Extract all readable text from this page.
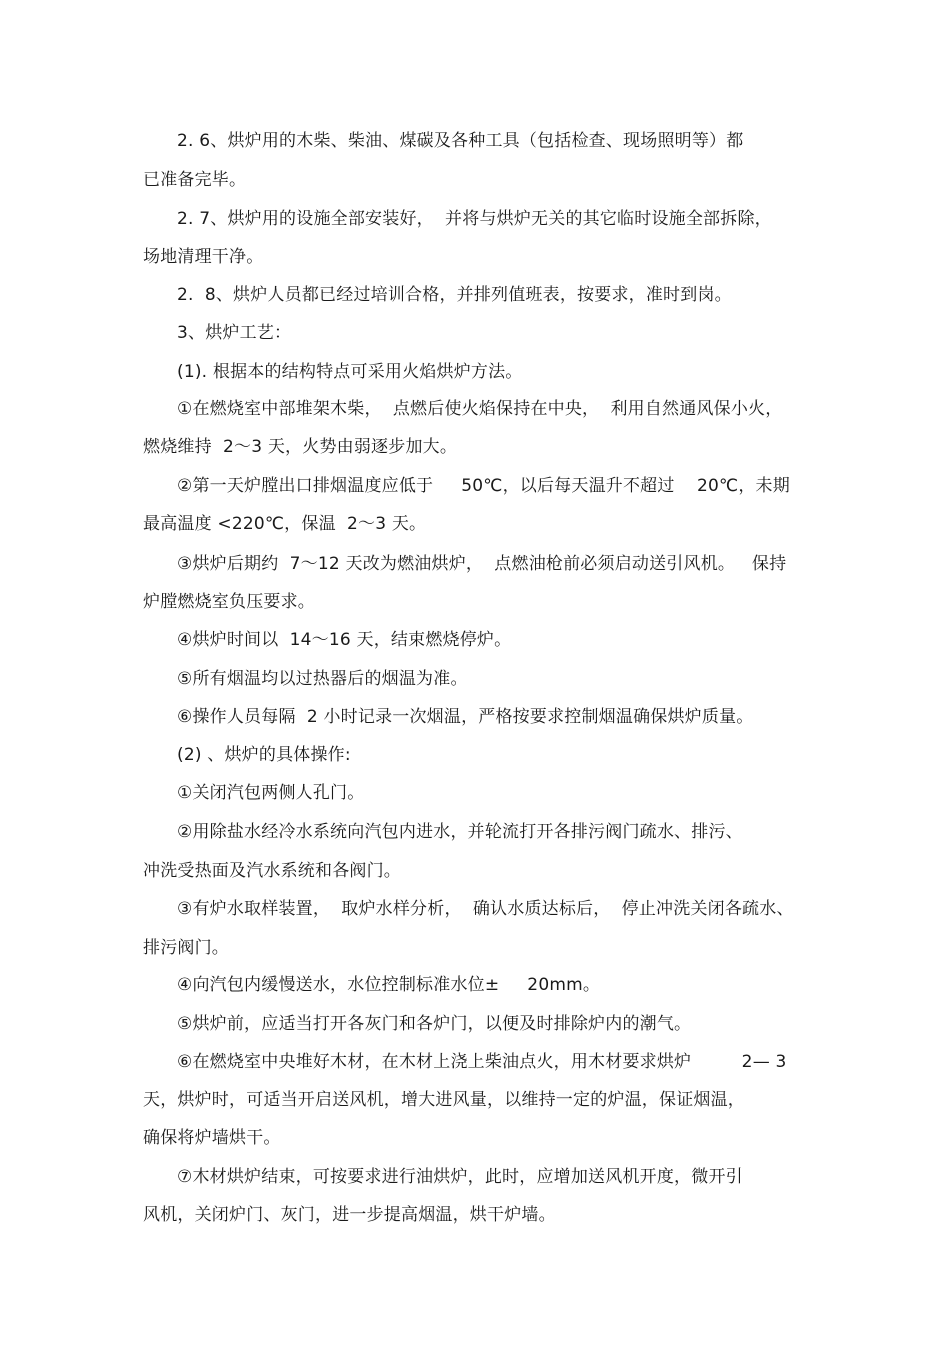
2. 6、烘炉用的木柴、柴油、煤碳及各种工具（包括检查、现场照明等）都
已准备完毕。
2. 7、烘炉用的设施全部安装好，  并将与烘炉无关的其它临时设施全部拆除，
场地清理干净。
2.  8、烘炉人员都已经过培训合格，并排列值班表，按要求，准时到岗。
3、烘炉工艺：
(1). 根据本的结构特点可采用火焰烘炉方法。
①在燃烧室中部堆架木柴，  点燃后使火焰保持在中央，  利用自然通风保小火，
燃烧维持  2～3 天，火势由弱逐步加大。
②第一天炉膛出口排烟温度应低于     50℃，以后每天温升不超过    20℃，未期
最高温度 <220℃，保温  2～3 天。
③烘炉后期约  7～12 天改为燃油烘炉，  点燃油枪前必须启动送引风机。   保持
炉膛燃烧室负压要求。
④烘炉时间以  14～16 天，结束燃烧停炉。
⑤所有烟温均以过热器后的烟温为准。
⑥操作人员每隔  2 小时记录一次烟温，严格按要求控制烟温确保烘炉质量。
(2) 、烘炉的具体操作:
①关闭汽包两侧人孔门。
②用除盐水经冷水系统向汽包内进水，并轮流打开各排污阀门疏水、排污、
冲洗受热面及汽水系统和各阀门。
③有炉水取样装置，  取炉水样分析，  确认水质达标后，  停止冲洗关闭各疏水、
排污阀门。
④向汽包内缓慢送水，水位控制标准水位±     20mm。
⑤烘炉前，应适当打开各灰门和各炉门，以便及时排除炉内的潮气。
⑥在燃烧室中央堆好木材，在木材上浇上柴油点火，用木材要求烘炉         2— 3
天，烘炉时，可适当开启送风机，增大进风量，以维持一定的炉温，保证烟温，
确保将炉墙烘干。
⑦木材烘炉结束，可按要求进行油烘炉，此时，应增加送风机开度，微开引
风机，关闭炉门、灰门，进一步提高烟温，烘干炉墙。
